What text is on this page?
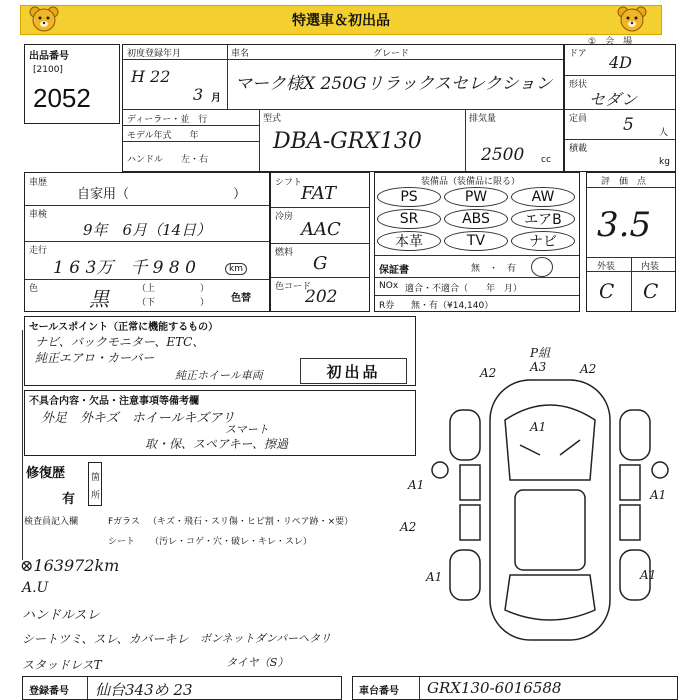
特選車＆初出品
①　会　場
出品番号
[2100]
2052
初度登録年月
H 22
3 月
車名	グレード
マーク様X 250Gリラックスセレクション
ディーラー・並　行
モデル年式　　年
ハンドル　　左・右
型式
DBA-GRX130
排気量
2500 cc
ドア 4D
形状
セダン
定員 5	人
積載
kg
車歴
自家用（　　　　　　　　）
車検
9年　6月（14日）
走行
1 6 3万　千 9 8 0	km
色	黒	（上　　　　　）
（下　　　　　） 色替
シフト
FAT
冷房
AAC
燃料 G
色コード
202
装備品（装備品に限る）
PS	PW	AW
SR	ABS	エアB
本革	TV	ナビ
保証書	無　・　有
NOx 適合・不適合（　　年　月）
R券 無・有（¥14,140）
評　価　点
3.5
外装	内装
C C
セールスポイント（正常に機能するもの）
ナビ、バックモニター、ETC、
純正エアロ・カーバー
純正ホイール車両	初出品
不具合内容・欠品・注意事項等備考欄
外足　外キズ　ホイールキズアリ
スマート
取・保、スペアキー、擦過
修復歴
有
箇
所
検査員記入欄	Fガラス （キズ・飛石・スリ傷・ヒビ割・リペア跡・×要）
シート （汚レ・コゲ・穴・破レ・キレ・スレ）
⊗163972km
A.U
ハンドルスレ
シートツミ、スレ、カバーキレ
スタッドレスT
ボンネットダンパーヘタリ
タイヤ（S）
P組
A2	A3	A2
A1
A1
A1
A2
A1	A1
登録番号 仙台343め 23	車台番号 GRX130-6016588
